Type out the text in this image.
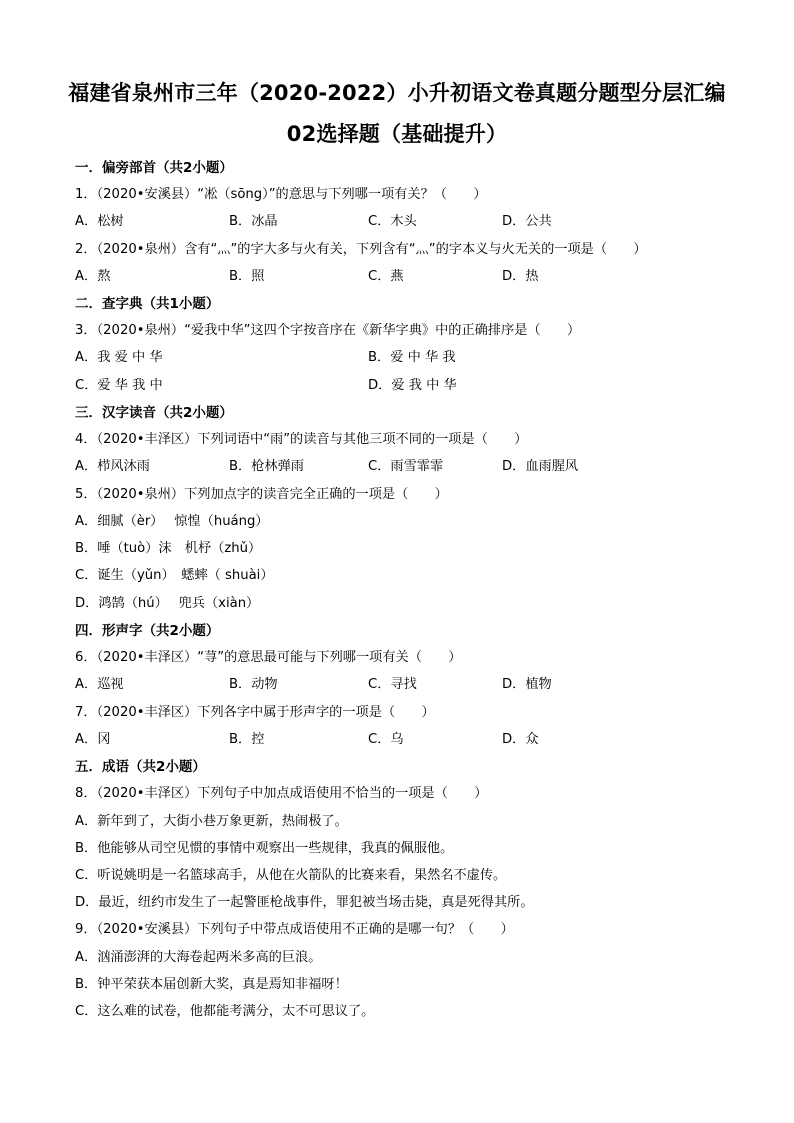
福建省泉州市三年（2020-2022）小升初语文卷真题分题型分层汇编
02选择题（基础提升）
一．偏旁部首（共2小题）
1．（2020•安溪县）“凇（sōng）”的意思与下列哪一项有关？（　　）
A．松树	B．冰晶	C．木头	D．公共
2．（2020•泉州）含有“灬”的字大多与火有关，下列含有“灬”的字本义与火无关的一项是（　　）
A．熬	B．照	C．燕	D．热
二．查字典（共1小题）
3．（2020•泉州）“爱我中华”这四个字按音序在《新华字典》中的正确排序是（　　）
A．我 爱 中 华	B．爱 中 华 我
C．爱 华 我 中	D．爱 我 中 华
三．汉字读音（共2小题）
4．（2020•丰泽区）下列词语中“雨”的读音与其他三项不同的一项是（　　）
A．栉风沐雨	B．枪林弹雨	C．雨雪霏霏	D．血雨腥风
5．（2020•泉州）下列加点字的读音完全正确的一项是（　　）
A．细腻（èr）　 惊惶（huáng）
B．唾（tuò）沫　机杼（zhǔ）
C．诞生（yǔn）　蟋蟀（ shuài）
D．鸿鹄（hú）　 兜兵（xiàn）
四．形声字（共2小题）
6．（2020•丰泽区）“荨”的意思最可能与下列哪一项有关（　　）
A．巡视	B．动物	C．寻找	D．植物
7．（2020•丰泽区）下列各字中属于形声字的一项是（　　）
A．冈	B．控	C．乌	D．众
五．成语（共2小题）
8．（2020•丰泽区）下列句子中加点成语使用不恰当的一项是（　　）
A．新年到了，大街小巷万象更新，热闹极了。
B．他能够从司空见惯的事情中观察出一些规律，我真的佩服他。
C．听说姚明是一名篮球高手，从他在火箭队的比赛来看，果然名不虚传。
D．最近，纽约市发生了一起警匪枪战事件，罪犯被当场击毙，真是死得其所。
9．（2020•安溪县）下列句子中带点成语使用不正确的是哪一句？（　　）
A．汹涌澎湃的大海卷起两米多高的巨浪。
B．钟平荣获本届创新大奖，真是焉知非福呀！
C．这么难的试卷，他都能考满分，太不可思议了。
